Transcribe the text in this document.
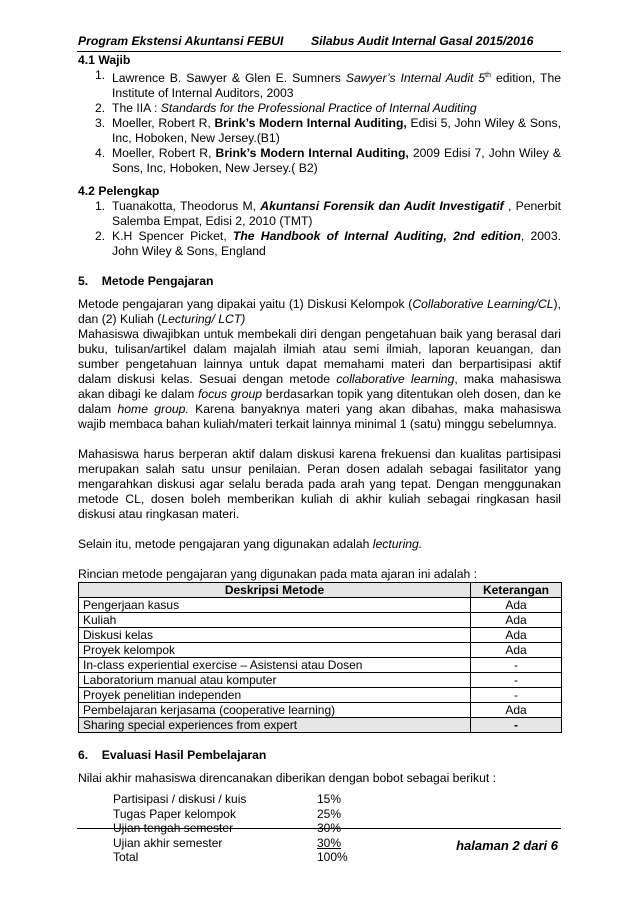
Program Ekstensi Akuntansi FEBUI Silabus Audit Internal Gasal 2015/2016
4.1 Wajib
1. Lawrence B. Sawyer & Glen E. Sumners Sawyer’s Internal Audit 5th edition, The Institute of Internal Auditors, 2003
2. The IIA : Standards for the Professional Practice of Internal Auditing
3. Moeller, Robert R, Brink’s Modern Internal Auditing, Edisi 5, John Wiley & Sons, Inc, Hoboken, New Jersey.(B1)
4. Moeller, Robert R, Brink’s Modern Internal Auditing, 2009 Edisi 7, John Wiley & Sons, Inc, Hoboken, New Jersey.( B2)
4.2 Pelengkap
1. Tuanakotta, Theodorus M, Akuntansi Forensik dan Audit Investigatif , Penerbit Salemba Empat, Edisi 2, 2010 (TMT)
2. K.H Spencer Picket, The Handbook of Internal Auditing, 2nd edition, 2003. John Wiley & Sons, England
5.    Metode Pengajaran

Metode pengajaran yang dipakai yaitu (1) Diskusi Kelompok (Collaborative Learning/CL), dan (2) Kuliah (Lecturing/ LCT)

Mahasiswa diwajibkan untuk membekali diri dengan pengetahuan baik yang berasal dari buku, tulisan/artikel dalam majalah ilmiah atau semi ilmiah, laporan keuangan, dan sumber pengetahuan lainnya untuk dapat memahami materi dan berpartisipasi aktif dalam diskusi kelas. Sesuai dengan metode collaborative learning, maka mahasiswa akan dibagi ke dalam focus group berdasarkan topik yang ditentukan oleh dosen, dan ke dalam home group. Karena banyaknya materi yang akan dibahas, maka mahasiswa wajib membaca bahan kuliah/materi terkait lainnya minimal 1 (satu) minggu sebelumnya.

Mahasiswa harus berperan aktif dalam diskusi karena frekuensi dan kualitas partisipasi merupakan salah satu unsur penilaian. Peran dosen adalah sebagai fasilitator yang mengarahkan diskusi agar selalu berada pada arah yang tepat. Dengan menggunakan metode CL, dosen boleh memberikan kuliah di akhir kuliah sebagai ringkasan hasil diskusi atau ringkasan materi.

Selain itu, metode pengajaran yang digunakan adalah lecturing.

Rincian metode pengajaran yang digunakan pada mata ajaran ini adalah :

Deskripsi Metode	Keterangan
Pengerjaan kasus	Ada
Kuliah	Ada
Diskusi kelas	Ada
Proyek kelompok	Ada
In-class experiential exercise – Asistensi atau Dosen	-
Laboratorium manual atau komputer	-
Proyek penelitian independen	-
Pembelajaran kerjasama (cooperative learning)	Ada
Sharing special experiences from expert	-
6.    Evaluasi Hasil Pembelajaran

Nilai akhir mahasiswa direncanakan diberikan dengan bobot sebagai berikut :

Partisipasi / diskusi / kuis	15%
Tugas Paper kelompok	25%
Ujian tengah semester	30%
Ujian akhir semester	30%
Total	100%
halaman 2 dari 6
